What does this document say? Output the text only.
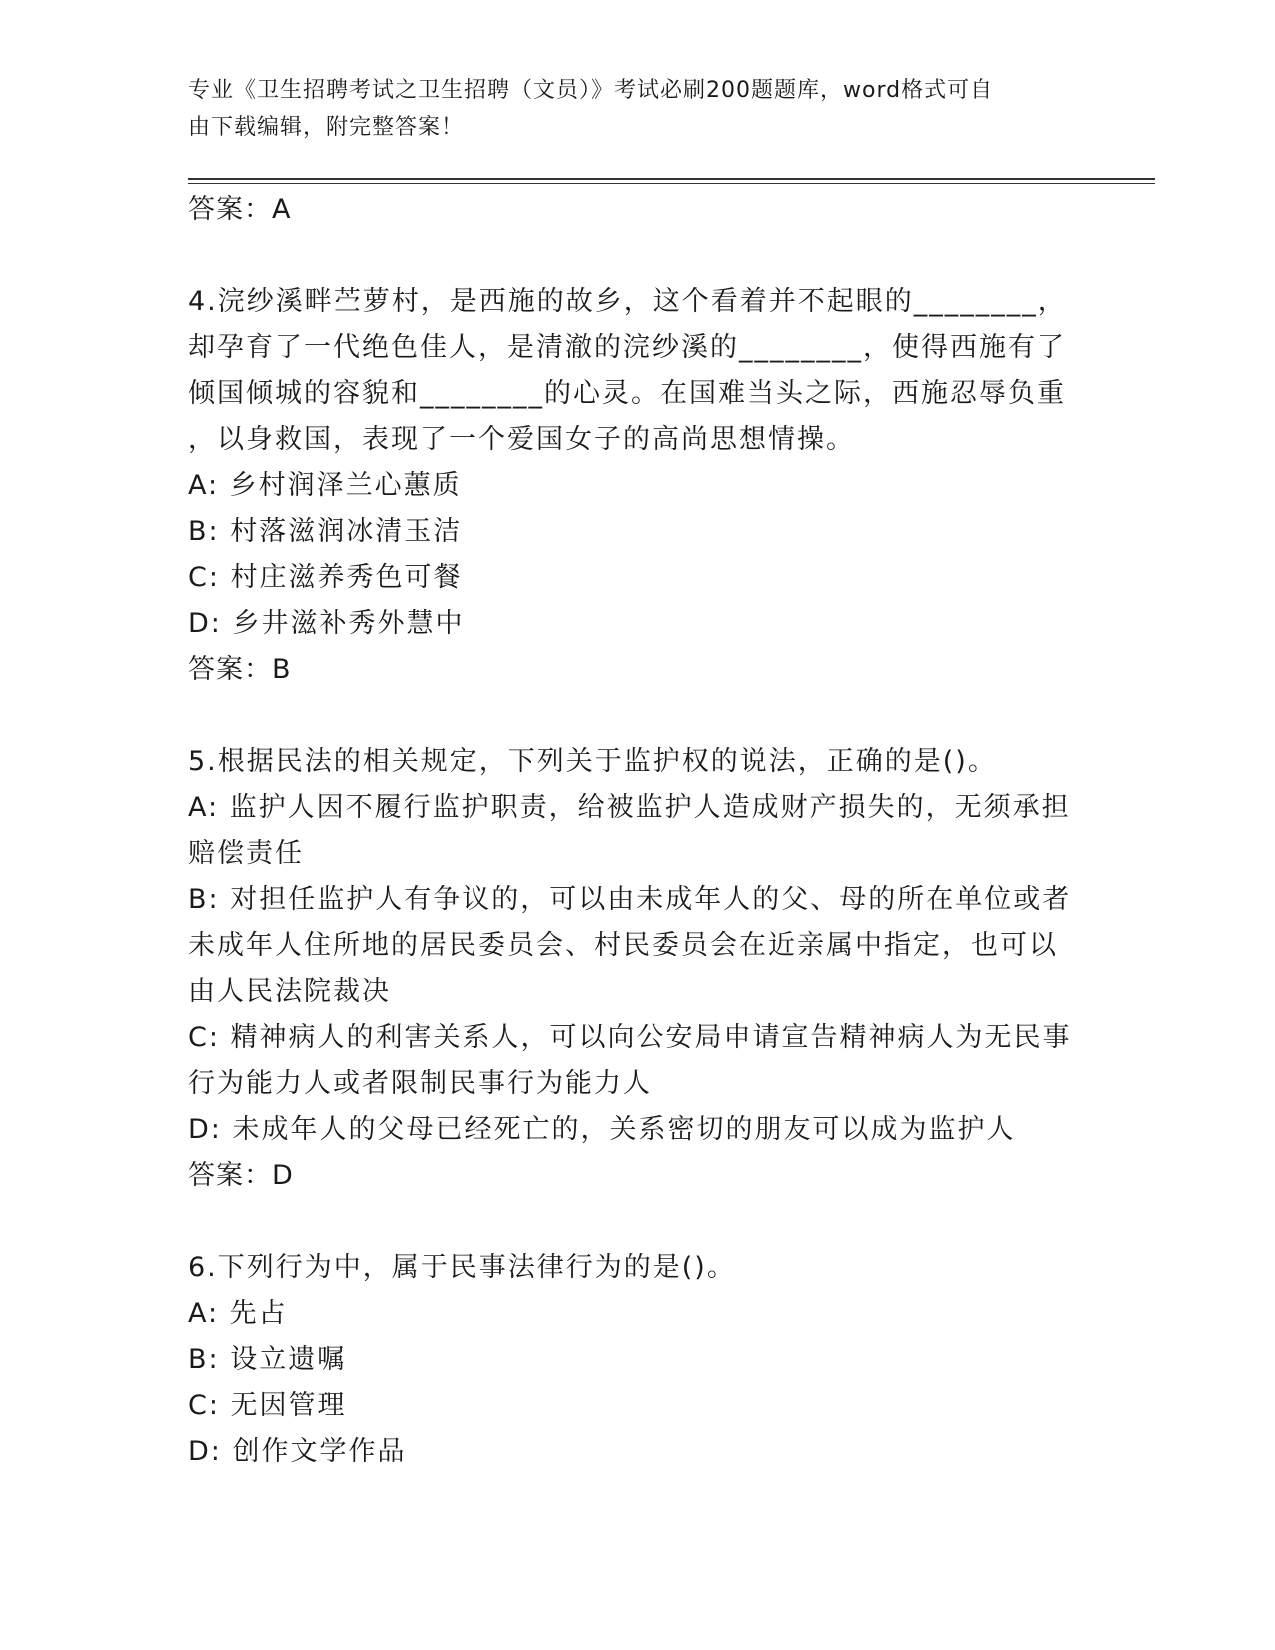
专业《卫生招聘考试之卫生招聘（文员）》考试必刷200题题库，word格式可自
由下载编辑，附完整答案！
答案：A
4.浣纱溪畔苎萝村，是西施的故乡，这个看着并不起眼的________，
却孕育了一代绝色佳人，是清澈的浣纱溪的________，使得西施有了
倾国倾城的容貌和________的心灵。在国难当头之际，西施忍辱负重
，以身救国，表现了一个爱国女子的高尚思想情操。
A: 乡村润泽兰心蕙质
B: 村落滋润冰清玉洁
C: 村庄滋养秀色可餐
D: 乡井滋补秀外慧中
答案：B
5.根据民法的相关规定，下列关于监护权的说法，正确的是()。
A: 监护人因不履行监护职责，给被监护人造成财产损失的，无须承担
赔偿责任
B: 对担任监护人有争议的，可以由未成年人的父、母的所在单位或者
未成年人住所地的居民委员会、村民委员会在近亲属中指定，也可以
由人民法院裁决
C: 精神病人的利害关系人，可以向公安局申请宣告精神病人为无民事
行为能力人或者限制民事行为能力人
D: 未成年人的父母已经死亡的，关系密切的朋友可以成为监护人
答案：D
6.下列行为中，属于民事法律行为的是()。
A: 先占
B: 设立遗嘱
C: 无因管理
D: 创作文学作品
